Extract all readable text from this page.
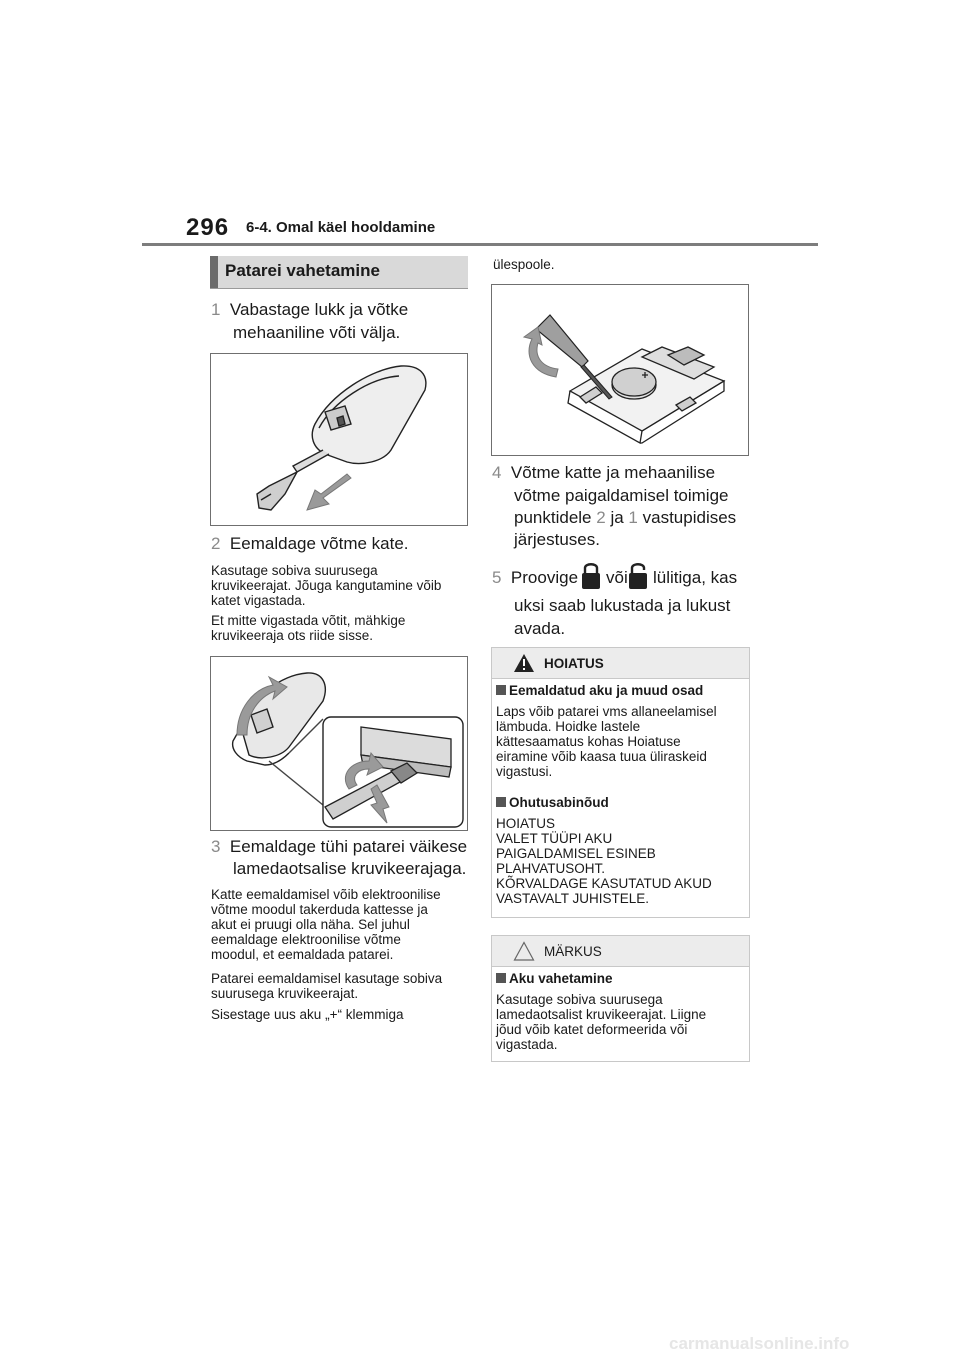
296 6-4. Omal käel hooldamine
Patarei vahetamine
1 Vabastage lukk ja võtke
mehaaniline võti välja.
2 Eemaldage võtme kate.
Kasutage sobiva suurusega
kruvikeerajat. Jõuga kangutamine võib
katet vigastada.
Et mitte vigastada võtit, mähkige
kruvikeeraja ots riide sisse.
3 Eemaldage tühi patarei väikese
lamedaotsalise kruvikeerajaga.
Katte eemaldamisel võib elektroonilise
võtme moodul takerduda kattesse ja
akut ei pruugi olla näha. Sel juhul
eemaldage elektroonilise võtme
moodul, et eemaldada patarei.
Patarei eemaldamisel kasutage sobiva
suurusega kruvikeerajat.
Sisestage uus aku „+“ klemmiga
ülespoole.
4 Võtme katte ja mehaanilise
võtme paigaldamisel toimige
punktidele 2 ja 1 vastupidises
järjestuses.
5 Proovige või lülitiga, kas
uksi saab lukustada ja lukust
avada.
HOIATUS
Eemaldatud aku ja muud osad
Laps võib patarei vms allaneelamisel
lämbuda. Hoidke lastele
kättesaamatus kohas Hoiatuse
eiramine võib kaasa tuua üliraskeid
vigastusi.
Ohutusabinõud
HOIATUS
VALET TÜÜPI AKU
PAIGALDAMISEL ESINEB
PLAHVATUSOHT.
KÕRVALDAGE KASUTATUD AKUD
VASTAVALT JUHISTELE.
MÄRKUS
Aku vahetamine
Kasutage sobiva suurusega
lamedaotsalist kruvikeerajat. Liigne
jõud võib katet deformeerida või
vigastada.
carmanualsonline.info
